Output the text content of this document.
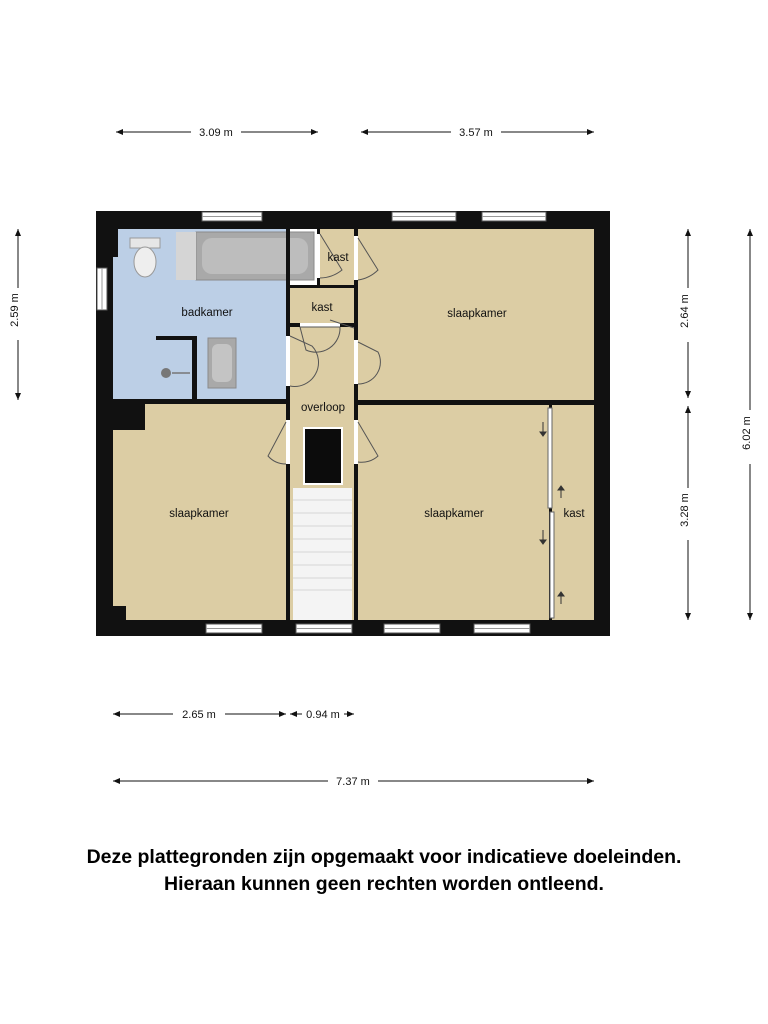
badkamer
kast
kast
overloop
slaapkamer
slaapkamer	slaapkamer	kast
3.09 m	3.57 m
2.65 m	0.94 m
7.37 m
2.59 m	2.64 m
3.28 m
6.02 m
Deze plattegronden zijn opgemaakt voor indicatieve doeleinden.
Hieraan kunnen geen rechten worden ontleend.
